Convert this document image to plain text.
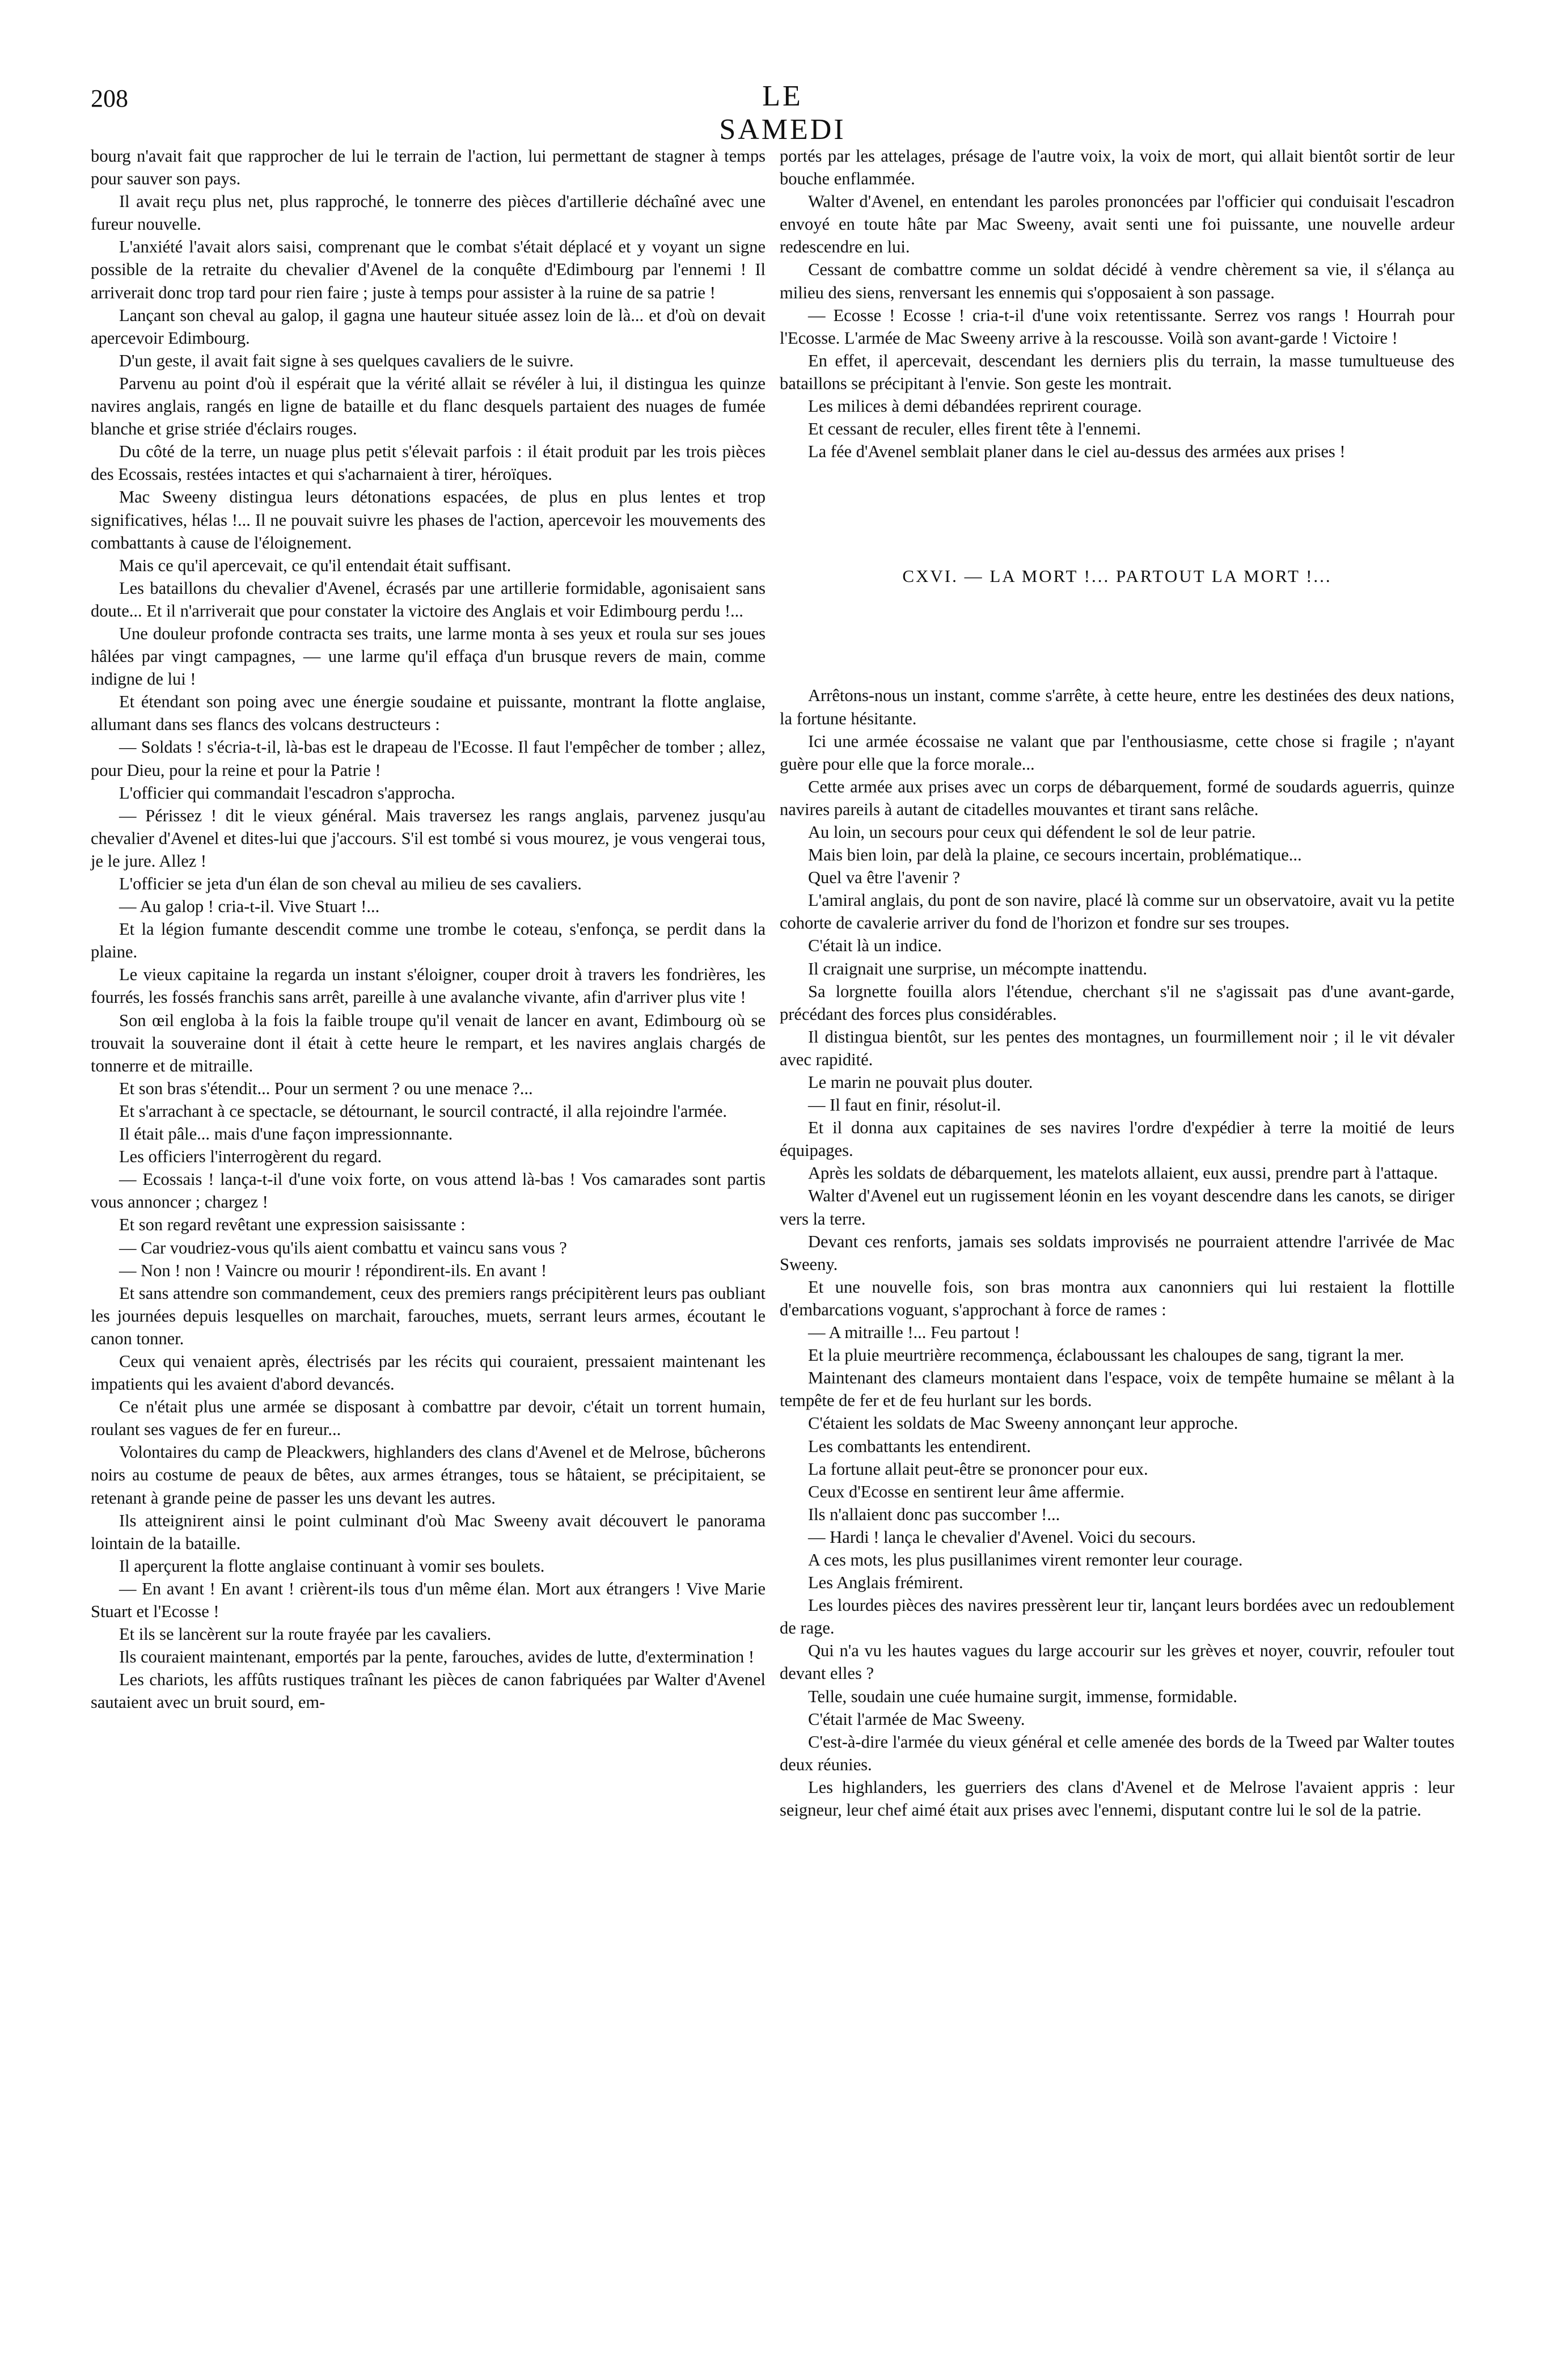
208	LE SAMEDI

bourg n'avait fait que rapprocher de lui le terrain de l'action, lui permettant de stagner à temps pour sauver son pays.

Il avait reçu plus net, plus rapproché, le tonnerre des pièces d'artillerie déchaîné avec une fureur nouvelle.

L'anxiété l'avait alors saisi, comprenant que le combat s'était déplacé et y voyant un signe possible de la retraite du chevalier d'Avenel de la conquête d'Edimbourg par l'ennemi ! Il arriverait donc trop tard pour rien faire ; juste à temps pour assister à la ruine de sa patrie !

Lançant son cheval au galop, il gagna une hauteur située assez loin de là... et d'où on devait apercevoir Edimbourg.

D'un geste, il avait fait signe à ses quelques cavaliers de le suivre.

Parvenu au point d'où il espérait que la vérité allait se révéler à lui, il distingua les quinze navires anglais, rangés en ligne de bataille et du flanc desquels partaient des nuages de fumée blanche et grise striée d'éclairs rouges.

Du côté de la terre, un nuage plus petit s'élevait parfois : il était produit par les trois pièces des Ecossais, restées intactes et qui s'acharnaient à tirer, héroïques.

Mac Sweeny distingua leurs détonations espacées, de plus en plus lentes et trop significatives, hélas !... Il ne pouvait suivre les phases de l'action, apercevoir les mouvements des combattants à cause de l'éloignement.

Mais ce qu'il apercevait, ce qu'il entendait était suffisant.

Les bataillons du chevalier d'Avenel, écrasés par une artillerie formidable, agonisaient sans doute... Et il n'arriverait que pour constater la victoire des Anglais et voir Edimbourg perdu !...

Une douleur profonde contracta ses traits, une larme monta à ses yeux et roula sur ses joues hâlées par vingt campagnes, — une larme qu'il effaça d'un brusque revers de main, comme indigne de lui !

Et étendant son poing avec une énergie soudaine et puissante, montrant la flotte anglaise, allumant dans ses flancs des volcans destructeurs :

— Soldats ! s'écria-t-il, là-bas est le drapeau de l'Ecosse. Il faut l'empêcher de tomber ; allez, pour Dieu, pour la reine et pour la Patrie !

L'officier qui commandait l'escadron s'approcha.

— Périssez ! dit le vieux général. Mais traversez les rangs anglais, parvenez jusqu'au chevalier d'Avenel et dites-lui que j'accours. S'il est tombé si vous mourez, je vous vengerai tous, je le jure. Allez !

L'officier se jeta d'un élan de son cheval au milieu de ses cavaliers.

— Au galop ! cria-t-il. Vive Stuart !...

Et la légion fumante descendit comme une trombe le coteau, s'enfonça, se perdit dans la plaine.

Le vieux capitaine la regarda un instant s'éloigner, couper droit à travers les fondrières, les fourrés, les fossés franchis sans arrêt, pareille à une avalanche vivante, afin d'arriver plus vite !

Son œil engloba à la fois la faible troupe qu'il venait de lancer en avant, Edimbourg où se trouvait la souveraine dont il était à cette heure le rempart, et les navires anglais chargés de tonnerre et de mitraille.

Et son bras s'étendit... Pour un serment ? ou une menace ?...

Et s'arrachant à ce spectacle, se détournant, le sourcil contracté, il alla rejoindre l'armée.

Il était pâle... mais d'une façon impressionnante.

Les officiers l'interrogèrent du regard.

— Ecossais ! lança-t-il d'une voix forte, on vous attend là-bas ! Vos camarades sont partis vous annoncer ; chargez !

Et son regard revêtant une expression saisissante :

— Car voudriez-vous qu'ils aient combattu et vaincu sans vous ?

— Non ! non ! Vaincre ou mourir ! répondirent-ils. En avant !

Et sans attendre son commandement, ceux des premiers rangs précipitèrent leurs pas oubliant les journées depuis lesquelles on marchait, farouches, muets, serrant leurs armes, écoutant le canon tonner.

Ceux qui venaient après, électrisés par les récits qui couraient, pressaient maintenant les impatients qui les avaient d'abord devancés.

Ce n'était plus une armée se disposant à combattre par devoir, c'était un torrent humain, roulant ses vagues de fer en fureur...

Volontaires du camp de Pleackwers, highlanders des clans d'Avenel et de Melrose, bûcherons noirs au costume de peaux de bêtes, aux armes étranges, tous se hâtaient, se précipitaient, se retenant à grande peine de passer les uns devant les autres.

Ils atteignirent ainsi le point culminant d'où Mac Sweeny avait découvert le panorama lointain de la bataille.

Il aperçurent la flotte anglaise continuant à vomir ses boulets.

— En avant ! En avant ! crièrent-ils tous d'un même élan. Mort aux étrangers ! Vive Marie Stuart et l'Ecosse !

Et ils se lancèrent sur la route frayée par les cavaliers.

Ils couraient maintenant, emportés par la pente, farouches, avides de lutte, d'extermination !

Les chariots, les affûts rustiques traînant les pièces de canon fabriquées par Walter d'Avenel sautaient avec un bruit sourd, em-

portés par les attelages, présage de l'autre voix, la voix de mort, qui allait bientôt sortir de leur bouche enflammée.

Walter d'Avenel, en entendant les paroles prononcées par l'officier qui conduisait l'escadron envoyé en toute hâte par Mac Sweeny, avait senti une foi puissante, une nouvelle ardeur redescendre en lui.

Cessant de combattre comme un soldat décidé à vendre chèrement sa vie, il s'élança au milieu des siens, renversant les ennemis qui s'opposaient à son passage.

— Ecosse ! Ecosse ! cria-t-il d'une voix retentissante. Serrez vos rangs ! Hourrah pour l'Ecosse. L'armée de Mac Sweeny arrive à la rescousse. Voilà son avant-garde ! Victoire !

En effet, il apercevait, descendant les derniers plis du terrain, la masse tumultueuse des bataillons se précipitant à l'envie. Son geste les montrait.

Les milices à demi débandées reprirent courage.

Et cessant de reculer, elles firent tête à l'ennemi.

La fée d'Avenel semblait planer dans le ciel au-dessus des armées aux prises !

CXVI. — LA MORT !... PARTOUT LA MORT !...

Arrêtons-nous un instant, comme s'arrête, à cette heure, entre les destinées des deux nations, la fortune hésitante.

Ici une armée écossaise ne valant que par l'enthousiasme, cette chose si fragile ; n'ayant guère pour elle que la force morale...

Cette armée aux prises avec un corps de débarquement, formé de soudards aguerris, quinze navires pareils à autant de citadelles mouvantes et tirant sans relâche.

Au loin, un secours pour ceux qui défendent le sol de leur patrie.

Mais bien loin, par delà la plaine, ce secours incertain, problématique...

Quel va être l'avenir ?

L'amiral anglais, du pont de son navire, placé là comme sur un observatoire, avait vu la petite cohorte de cavalerie arriver du fond de l'horizon et fondre sur ses troupes.

C'était là un indice.

Il craignait une surprise, un mécompte inattendu.

Sa lorgnette fouilla alors l'étendue, cherchant s'il ne s'agissait pas d'une avant-garde, précédant des forces plus considérables.

Il distingua bientôt, sur les pentes des montagnes, un fourmillement noir ; il le vit dévaler avec rapidité.

Le marin ne pouvait plus douter.

— Il faut en finir, résolut-il.

Et il donna aux capitaines de ses navires l'ordre d'expédier à terre la moitié de leurs équipages.

Après les soldats de débarquement, les matelots allaient, eux aussi, prendre part à l'attaque.

Walter d'Avenel eut un rugissement léonin en les voyant descendre dans les canots, se diriger vers la terre.

Devant ces renforts, jamais ses soldats improvisés ne pourraient attendre l'arrivée de Mac Sweeny.

Et une nouvelle fois, son bras montra aux canonniers qui lui restaient la flottille d'embarcations voguant, s'approchant à force de rames :

— A mitraille !... Feu partout !

Et la pluie meurtrière recommença, éclaboussant les chaloupes de sang, tigrant la mer.

Maintenant des clameurs montaient dans l'espace, voix de tempête humaine se mêlant à la tempête de fer et de feu hurlant sur les bords.

C'étaient les soldats de Mac Sweeny annonçant leur approche.

Les combattants les entendirent.

La fortune allait peut-être se prononcer pour eux.

Ceux d'Ecosse en sentirent leur âme affermie.

Ils n'allaient donc pas succomber !...

— Hardi ! lança le chevalier d'Avenel. Voici du secours.

A ces mots, les plus pusillanimes virent remonter leur courage.

Les Anglais frémirent.

Les lourdes pièces des navires pressèrent leur tir, lançant leurs bordées avec un redoublement de rage.

Qui n'a vu les hautes vagues du large accourir sur les grèves et noyer, couvrir, refouler tout devant elles ?

Telle, soudain une cuée humaine surgit, immense, formidable.

C'était l'armée de Mac Sweeny.

C'est-à-dire l'armée du vieux général et celle amenée des bords de la Tweed par Walter toutes deux réunies.

Les highlanders, les guerriers des clans d'Avenel et de Melrose l'avaient appris : leur seigneur, leur chef aimé était aux prises avec l'ennemi, disputant contre lui le sol de la patrie.
